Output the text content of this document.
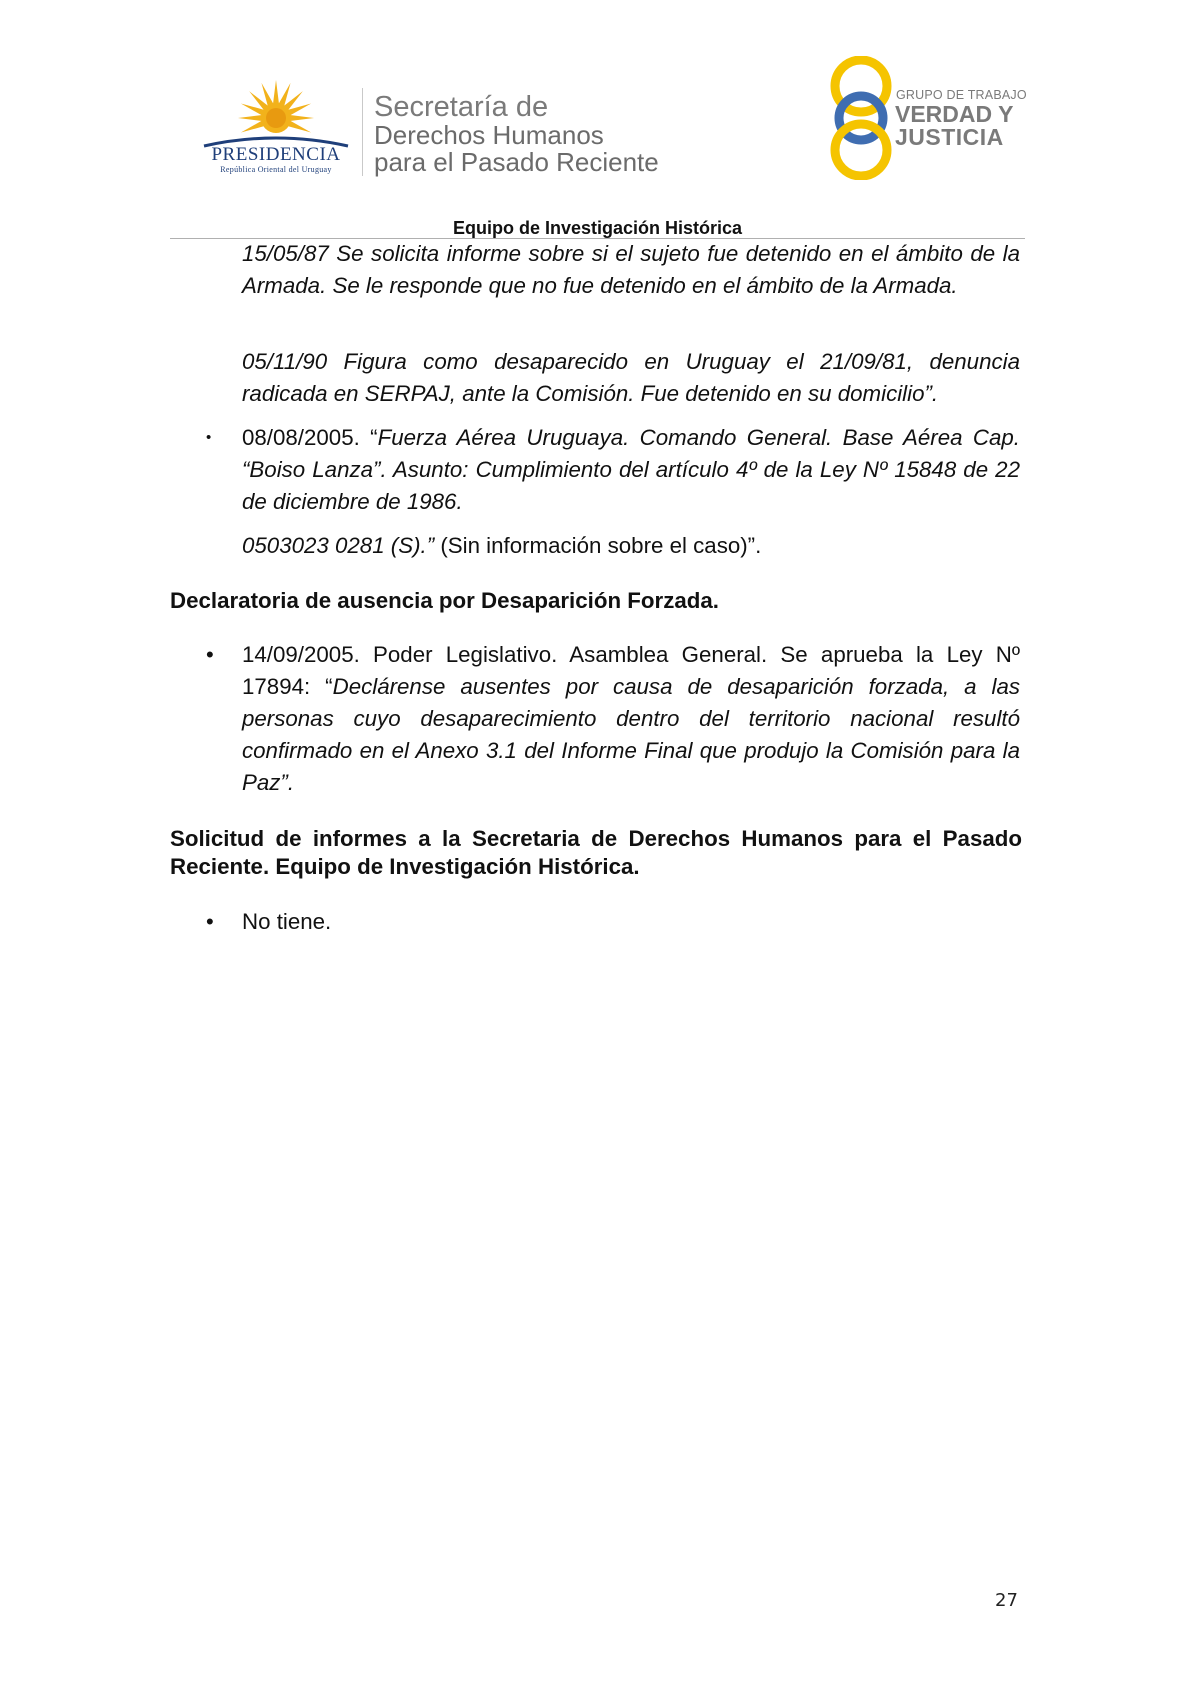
PRESIDENCIA
República Oriental del Uruguay
Secretaría de
Derechos Humanos
para el Pasado Reciente
GRUPO DE TRABAJO
VERDAD Y
JUSTICIA
Equipo de Investigación Histórica
15/05/87 Se solicita informe sobre si el sujeto fue detenido en el ámbito de la Armada. Se le responde que no fue detenido en el ámbito de la Armada.
05/11/90 Figura como desaparecido en Uruguay el 21/09/81, denuncia radicada en SERPAJ, ante la Comisión. Fue detenido en su domicilio”.
• 08/08/2005. “Fuerza Aérea Uruguaya. Comando General. Base Aérea Cap. “Boiso Lanza”. Asunto: Cumplimiento del artículo 4º de la Ley Nº 15848 de 22 de diciembre de 1986.
0503023 0281 (S).” (Sin información sobre el caso)”.
Declaratoria de ausencia por Desaparición Forzada.
• 14/09/2005. Poder Legislativo. Asamblea General. Se aprueba la Ley Nº 17894: “Declárense ausentes por causa de desaparición forzada, a las personas cuyo desaparecimiento dentro del territorio nacional resultó confirmado en el Anexo 3.1 del Informe Final que produjo la Comisión para la Paz”.
Solicitud de informes a la Secretaria de Derechos Humanos para el Pasado Reciente. Equipo de Investigación Histórica.
• No tiene.
27
